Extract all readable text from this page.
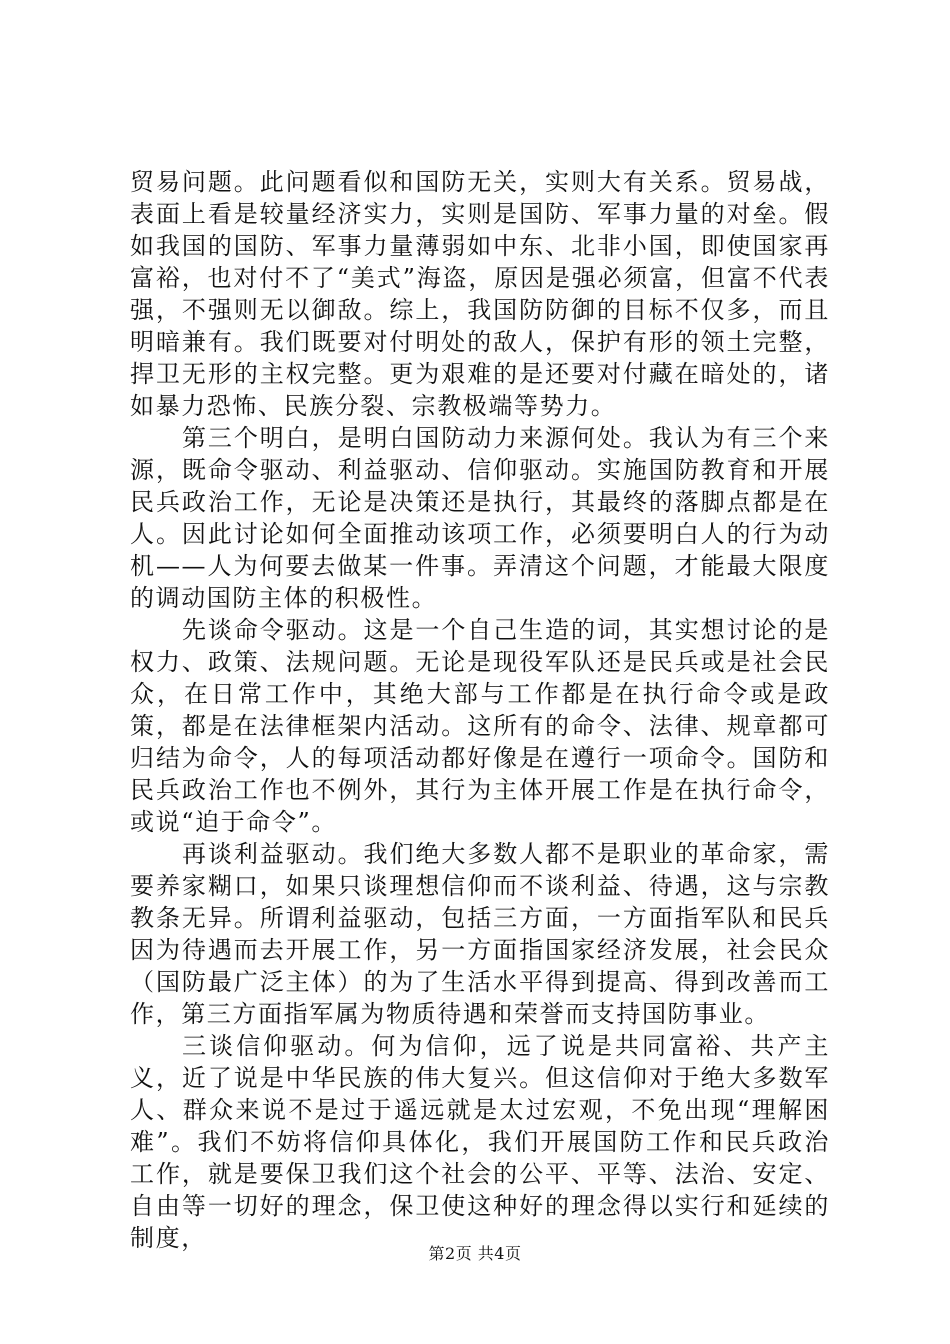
贸易问题。此问题看似和国防无关，实则大有关系。贸易战，表面上看是较量经济实力，实则是国防、军事力量的对垒。假如我国的国防、军事力量薄弱如中东、北非小国，即使国家再富裕，也对付不了“美式”海盗，原因是强必须富，但富不代表强，不强则无以御敌。综上，我国防防御的目标不仅多，而且明暗兼有。我们既要对付明处的敌人，保护有形的领土完整，捍卫无形的主权完整。更为艰难的是还要对付藏在暗处的，诸如暴力恐怖、民族分裂、宗教极端等势力。

第三个明白，是明白国防动力来源何处。我认为有三个来源，既命令驱动、利益驱动、信仰驱动。实施国防教育和开展民兵政治工作，无论是决策还是执行，其最终的落脚点都是在人。因此讨论如何全面推动该项工作，必须要明白人的行为动机——人为何要去做某一件事。弄清这个问题，才能最大限度的调动国防主体的积极性。

先谈命令驱动。这是一个自己生造的词，其实想讨论的是权力、政策、法规问题。无论是现役军队还是民兵或是社会民众，在日常工作中，其绝大部与工作都是在执行命令或是政策，都是在法律框架内活动。这所有的命令、法律、规章都可归结为命令，人的每项活动都好像是在遵行一项命令。国防和民兵政治工作也不例外，其行为主体开展工作是在执行命令，或说“迫于命令”。

再谈利益驱动。我们绝大多数人都不是职业的革命家，需要养家糊口，如果只谈理想信仰而不谈利益、待遇，这与宗教教条无异。所谓利益驱动，包括三方面，一方面指军队和民兵因为待遇而去开展工作，另一方面指国家经济发展，社会民众（国防最广泛主体）的为了生活水平得到提高、得到改善而工作，第三方面指军属为物质待遇和荣誉而支持国防事业。

三谈信仰驱动。何为信仰，远了说是共同富裕、共产主义，近了说是中华民族的伟大复兴。但这信仰对于绝大多数军人、群众来说不是过于遥远就是太过宏观，不免出现“理解困难”。我们不妨将信仰具体化，我们开展国防工作和民兵政治工作，就是要保卫我们这个社会的公平、平等、法治、安定、自由等一切好的理念，保卫使这种好的理念得以实行和延续的制度，

第2页 共4页
